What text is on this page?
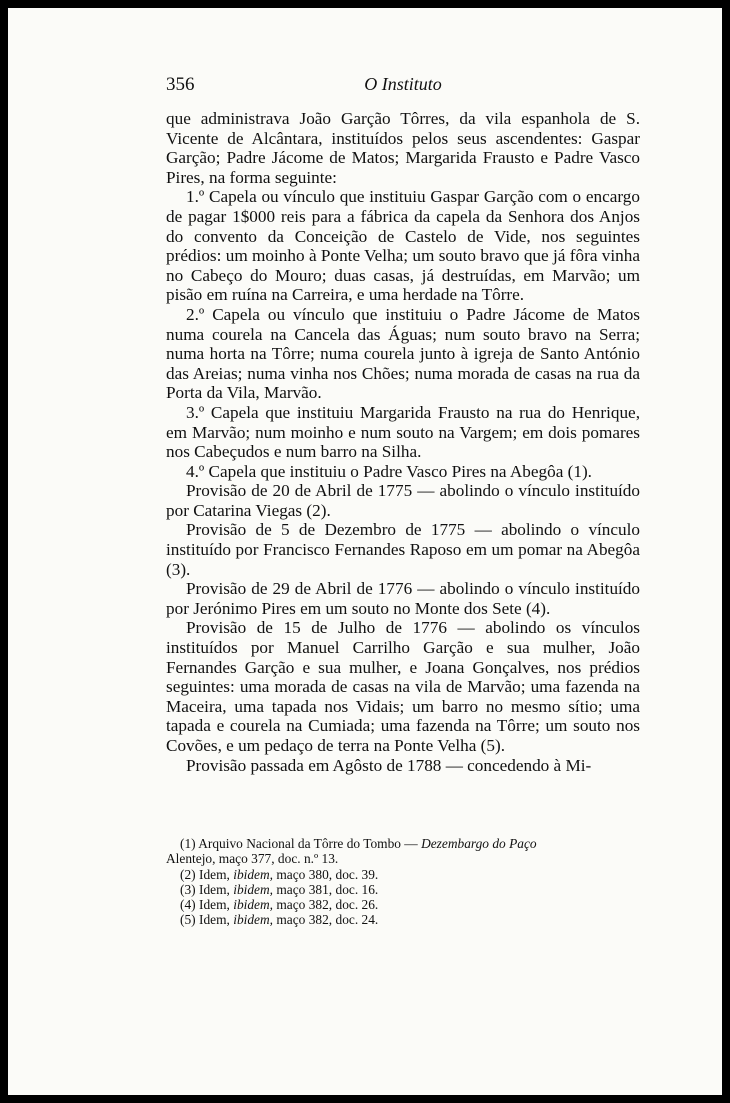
356	O Instituto

que administrava João Garção Tôrres, da vila espanhola de S. Vicente de Alcântara, instituídos pelos seus ascendentes: Gaspar Garção; Padre Jácome de Matos; Margarida Frausto e Padre Vasco Pires, na forma seguinte:

1.º Capela ou vínculo que instituiu Gaspar Garção com o encargo de pagar 1$000 reis para a fábrica da capela da Senhora dos Anjos do convento da Conceição de Castelo de Vide, nos seguintes prédios: um moinho à Ponte Velha; um souto bravo que já fôra vinha no Cabeço do Mouro; duas casas, já destruídas, em Marvão; um pisão em ruína na Carreira, e uma herdade na Tôrre.

2.º Capela ou vínculo que instituiu o Padre Jácome de Matos numa courela na Cancela das Águas; num souto bravo na Serra; numa horta na Tôrre; numa courela junto à igreja de Santo António das Areias; numa vinha nos Chões; numa morada de casas na rua da Porta da Vila, Marvão.

3.º Capela que instituiu Margarida Frausto na rua do Henrique, em Marvão; num moinho e num souto na Vargem; em dois pomares nos Cabeçudos e num barro na Silha.

4.º Capela que instituiu o Padre Vasco Pires na Abegôa (1).

Provisão de 20 de Abril de 1775 — abolindo o vínculo instituído por Catarina Viegas (2).

Provisão de 5 de Dezembro de 1775 — abolindo o vínculo instituído por Francisco Fernandes Raposo em um pomar na Abegôa (3).

Provisão de 29 de Abril de 1776 — abolindo o vínculo instituído por Jerónimo Pires em um souto no Monte dos Sete (4).

Provisão de 15 de Julho de 1776 — abolindo os vínculos instituídos por Manuel Carrilho Garção e sua mulher, João Fernandes Garção e sua mulher, e Joana Gonçalves, nos prédios seguintes: uma morada de casas na vila de Marvão; uma fazenda na Maceira, uma tapada nos Vidais; um barro no mesmo sítio; uma tapada e courela na Cumiada; uma fazenda na Tôrre; um souto nos Covões, e um pedaço de terra na Ponte Velha (5).

Provisão passada em Agôsto de 1788 — concedendo à Mi-

(1) Arquivo Nacional da Tôrre do Tombo — Dezembargo do Paço
Alentejo, maço 377, doc. n.º 13.

(2) Idem, ibidem, maço 380, doc. 39.

(3) Idem, ibidem, maço 381, doc. 16.

(4) Idem, ibidem, maço 382, doc. 26.

(5) Idem, ibidem, maço 382, doc. 24.
